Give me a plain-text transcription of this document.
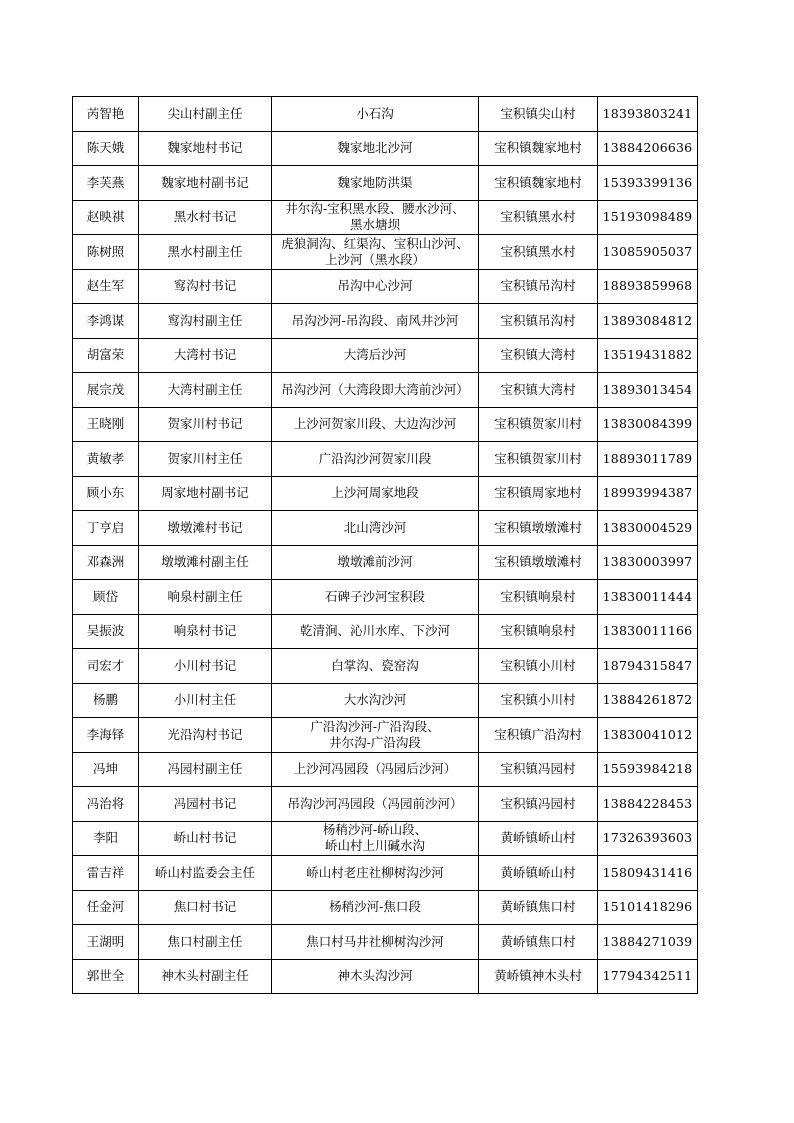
芮智艳	尖山村副主任	小石沟	宝积镇尖山村	18393803241
陈天娥	魏家地村书记	魏家地北沙河	宝积镇魏家地村	13884206636
李芙燕	魏家地村副书记	魏家地防洪渠	宝积镇魏家地村	15393399136
赵映祺	黑水村书记	井尔沟-宝积黑水段、腰水沙河、
黑水塘坝	宝积镇黑水村	15193098489
陈树照	黑水村副主任	虎狼洞沟、红渠沟、宝积山沙河、
上沙河（黑水段）	宝积镇黑水村	13085905037
赵生军	窎沟村书记	吊沟中心沙河	宝积镇吊沟村	18893859968
李鸿谋	窎沟村副主任	吊沟沙河-吊沟段、南风井沙河	宝积镇吊沟村	13893084812
胡富荣	大湾村书记	大湾后沙河	宝积镇大湾村	13519431882
展宗茂	大湾村副主任	吊沟沙河（大湾段即大湾前沙河）	宝积镇大湾村	13893013454
王晓刚	贺家川村书记	上沙河贺家川段、大边沟沙河	宝积镇贺家川村	13830084399
黄敏孝	贺家川村主任	广沿沟沙河贺家川段	宝积镇贺家川村	18893011789
顾小东	周家地村副书记	上沙河周家地段	宝积镇周家地村	18993994387
丁亨启	墩墩滩村书记	北山湾沙河	宝积镇墩墩滩村	13830004529
邓森洲	墩墩滩村副主任	墩墩滩前沙河	宝积镇墩墩滩村	13830003997
顾岱	响泉村副主任	石碑子沙河宝积段	宝积镇响泉村	13830011444
吴振波	响泉村书记	乾清涧、沁川水库、下沙河	宝积镇响泉村	13830011166
司宏才	小川村书记	白掌沟、瓷窑沟	宝积镇小川村	18794315847
杨鹏	小川村主任	大水沟沙河	宝积镇小川村	13884261872
李海铎	光沿沟村书记	广沿沟沙河-广沿沟段、
井尔沟-广沿沟段	宝积镇广沿沟村	13830041012
冯坤	冯园村副主任	上沙河冯园段（冯园后沙河）	宝积镇冯园村	15593984218
冯治将	冯园村书记	吊沟沙河冯园段（冯园前沙河）	宝积镇冯园村	13884228453
李阳	峤山村书记	杨稍沙河-峤山段、
峤山村上川碱水沟	黄峤镇峤山村	17326393603
雷吉祥	峤山村监委会主任	峤山村老庄社柳树沟沙河	黄峤镇峤山村	15809431416
任金河	焦口村书记	杨稍沙河-焦口段	黄峤镇焦口村	15101418296
王湖明	焦口村副主任	焦口村马井社柳树沟沙河	黄峤镇焦口村	13884271039
郭世全	神木头村副主任	神木头沟沙河	黄峤镇神木头村	17794342511
